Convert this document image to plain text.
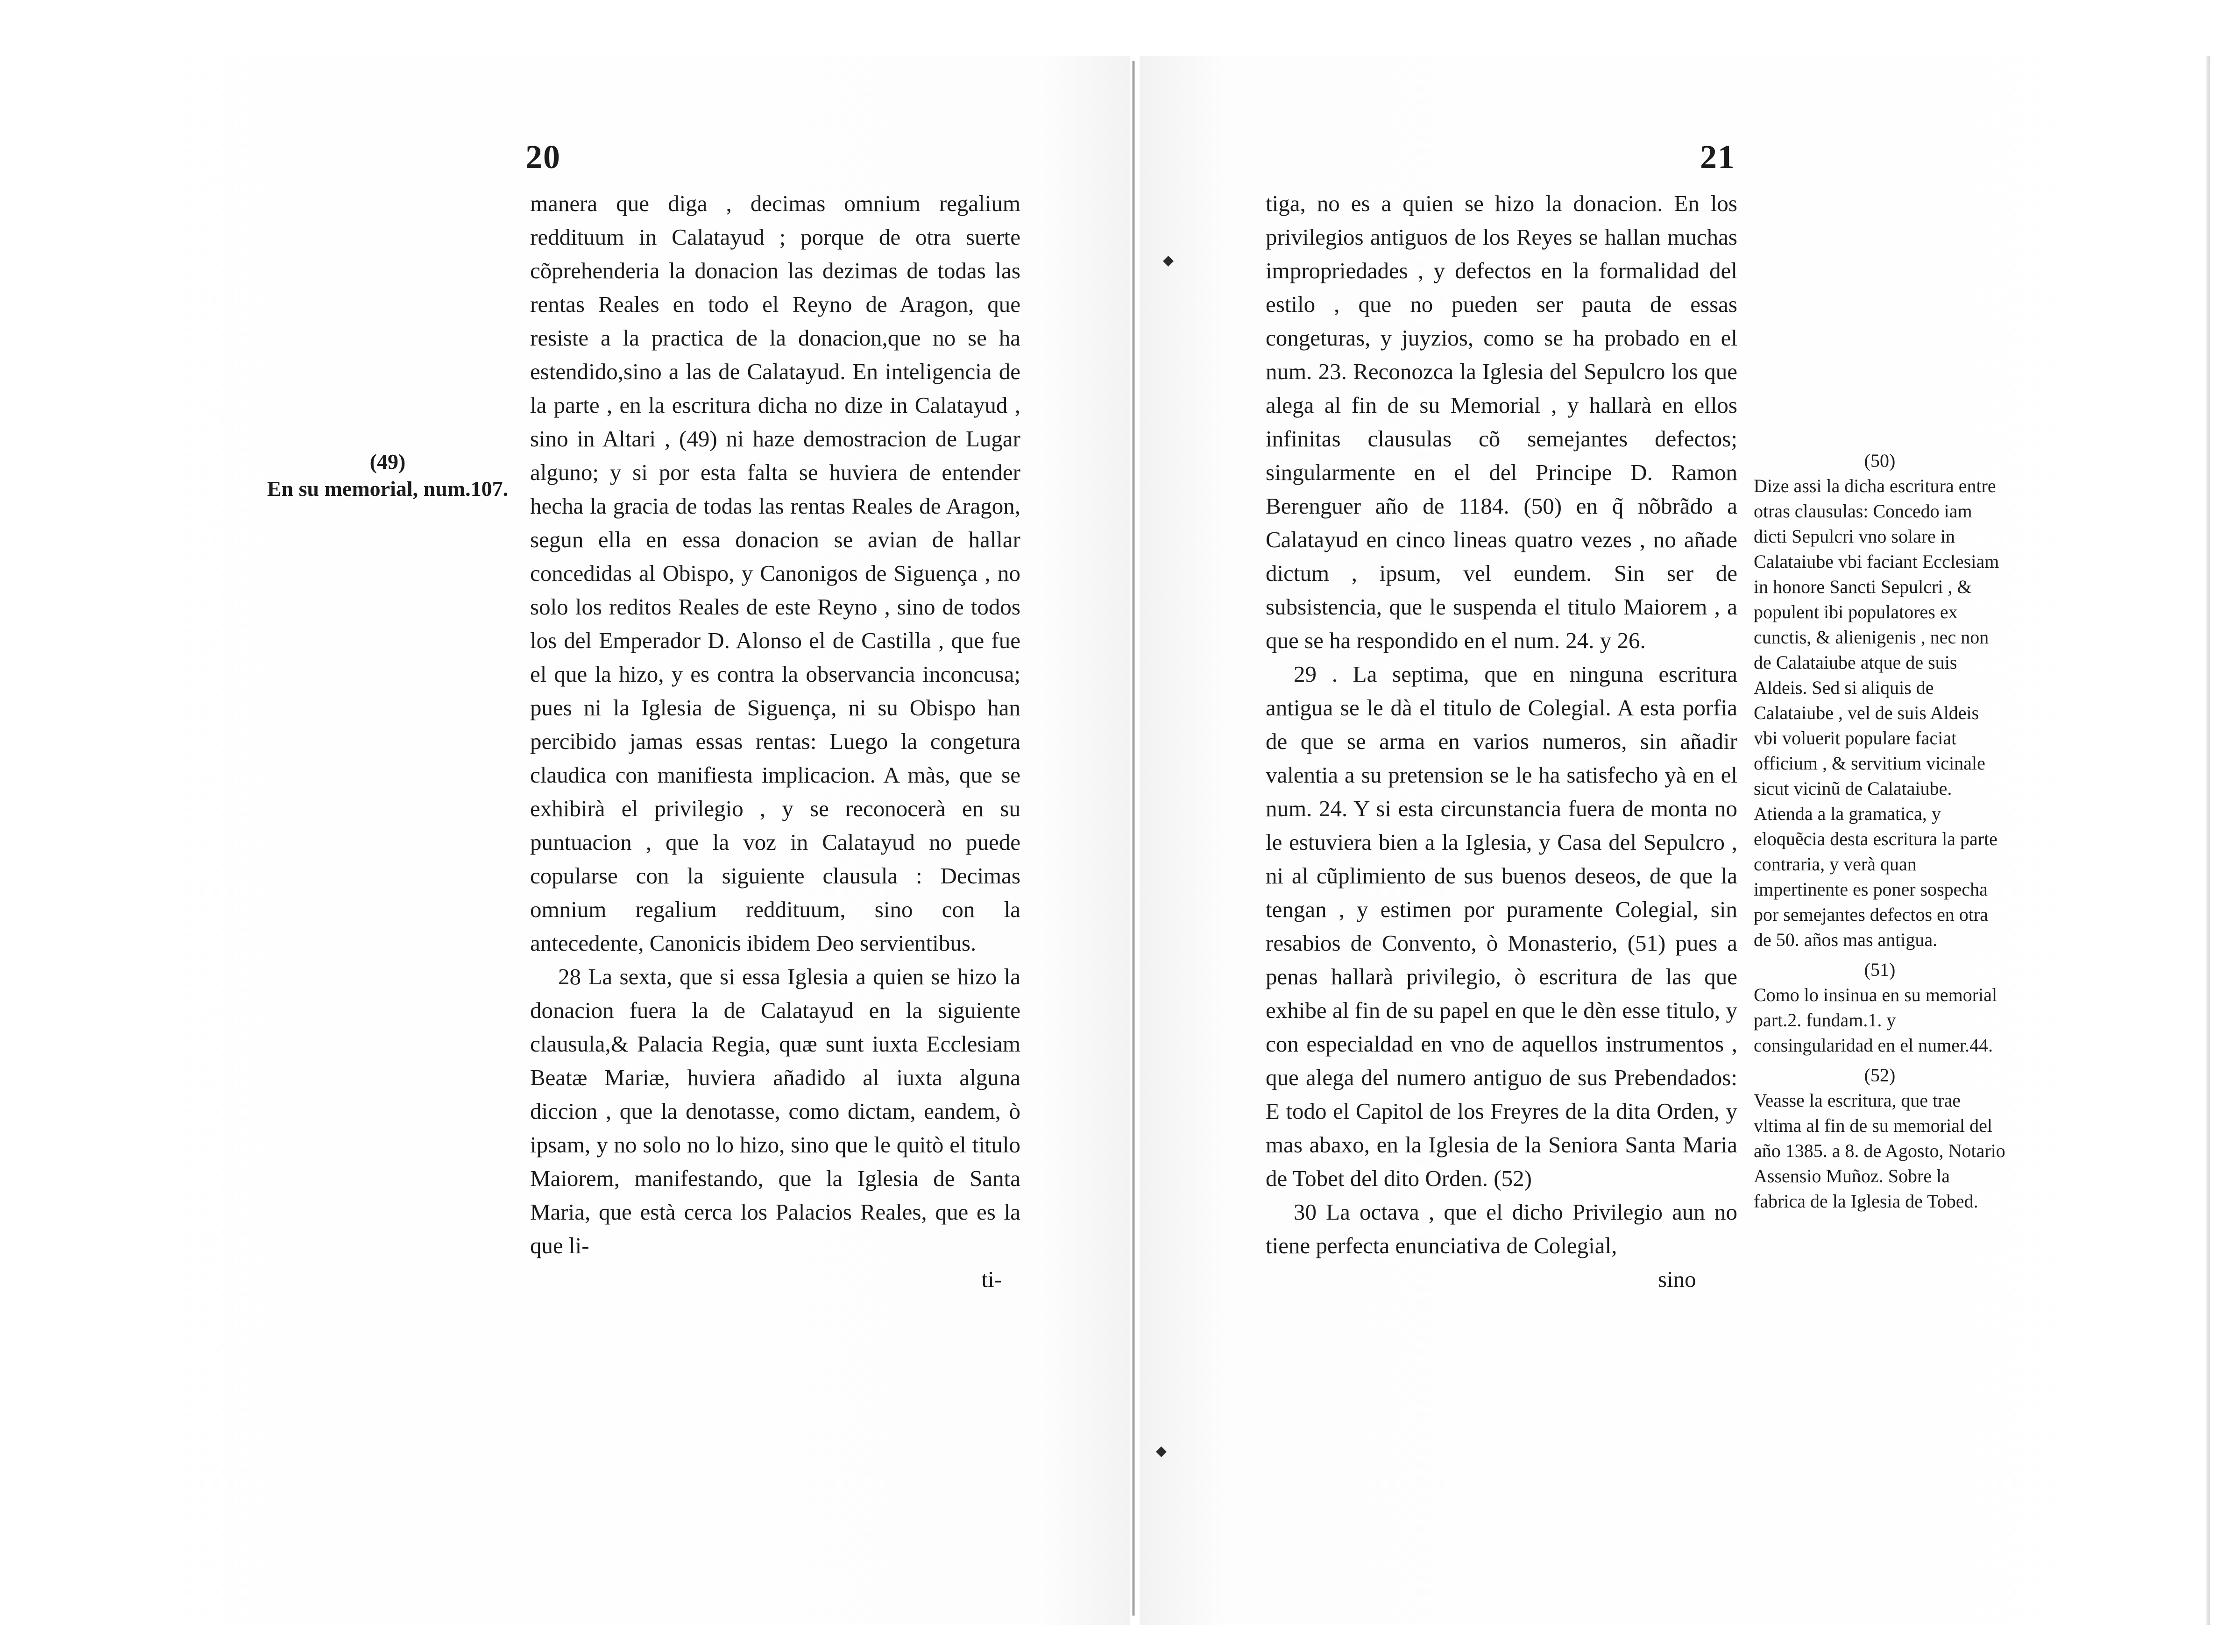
20
(49)
En su memorial, num.107.

manera que diga , decimas omnium regalium reddituum in Calatayud ; porque de otra suerte cõprehenderia la donacion las dezimas de todas las rentas Reales en todo el Reyno de Aragon, que resiste a la practica de la donacion,que no se ha estendido,sino a las de Calatayud. En inteligencia de la parte , en la escritura dicha no dize in Calatayud , sino in Altari , (49) ni haze demostracion de Lugar alguno; y si por esta falta se huviera de entender hecha la gracia de todas las rentas Reales de Aragon, segun ella en essa donacion se avian de hallar concedidas al Obispo, y Canonigos de Siguença , no solo los reditos Reales de este Reyno , sino de todos los del Emperador D. Alonso el de Castilla , que fue el que la hizo, y es contra la observancia inconcusa; pues ni la Iglesia de Siguença, ni su Obispo han percibido jamas essas rentas: Luego la congetura claudica con manifiesta implicacion. A màs, que se exhibirà el privilegio , y se reconocerà en su puntuacion , que la voz in Calatayud no puede copularse con la siguiente clausula : Decimas omnium regalium reddituum, sino con la antecedente, Canonicis ibidem Deo servientibus.

28 La sexta, que si essa Iglesia a quien se hizo la donacion fuera la de Calatayud en la siguiente clausula,& Palacia Regia, quæ sunt iuxta Ecclesiam Beatæ Mariæ, huviera añadido al iuxta alguna diccion , que la denotasse, como dictam, eandem, ò ipsam, y no solo no lo hizo, sino que le quitò el titulo Maiorem, manifestando, que la Iglesia de Santa Maria, que està cerca los Palacios Reales, que es la que li-

ti-
21

tiga, no es a quien se hizo la donacion. En los privilegios antiguos de los Reyes se hallan muchas impropriedades , y defectos en la formalidad del estilo , que no pueden ser pauta de essas congeturas, y juyzios, como se ha probado en el num. 23. Reconozca la Iglesia del Sepulcro los que alega al fin de su Memorial , y hallarà en ellos infinitas clausulas cõ semejantes defectos; singularmente en el del Principe D. Ramon Berenguer año de 1184. (50) en q̃ nõbrãdo a Calatayud en cinco lineas quatro vezes , no añade dictum , ipsum, vel eundem. Sin ser de subsistencia, que le suspenda el titulo Maiorem , a que se ha respondido en el num. 24. y 26.

29 . La septima, que en ninguna escritura antigua se le dà el titulo de Colegial. A esta porfia de que se arma en varios numeros, sin añadir valentia a su pretension se le ha satisfecho yà en el num. 24. Y si esta circunstancia fuera de monta no le estuviera bien a la Iglesia, y Casa del Sepulcro , ni al cũplimiento de sus buenos deseos, de que la tengan , y estimen por puramente Colegial, sin resabios de Convento, ò Monasterio, (51) pues a penas hallarà privilegio, ò escritura de las que exhibe al fin de su papel en que le dèn esse titulo, y con especialdad en vno de aquellos instrumentos , que alega del numero antiguo de sus Prebendados: E todo el Capitol de los Freyres de la dita Orden, y mas abaxo, en la Iglesia de la Seniora Santa Maria de Tobet del dito Orden. (52)

30 La octava , que el dicho Privilegio aun no tiene perfecta enunciativa de Colegial,

sino
(50)

Dize assi la dicha escritura entre otras clausulas: Concedo iam dicti Sepulcri vno solare in Calataiube vbi faciant Ecclesiam in honore Sancti Sepulcri , & populent ibi populatores ex cunctis, & alienigenis , nec non de Calataiube atque de suis Aldeis. Sed si aliquis de Calataiube , vel de suis Aldeis vbi voluerit populare faciat officium , & servitium vicinale sicut vicinũ de Calataiube. Atienda a la gramatica, y eloquẽcia desta escritura la parte contraria, y verà quan impertinente es poner sospecha por semejantes defectos en otra de 50. años mas antigua.

(51)

Como lo insinua en su memorial part.2. fundam.1. y consingularidad en el numer.44.

(52)

Veasse la escritura, que trae vltima al fin de su memorial del año 1385. a 8. de Agosto, Notario Assensio Muñoz. Sobre la fabrica de la Iglesia de Tobed.

◆
◆
